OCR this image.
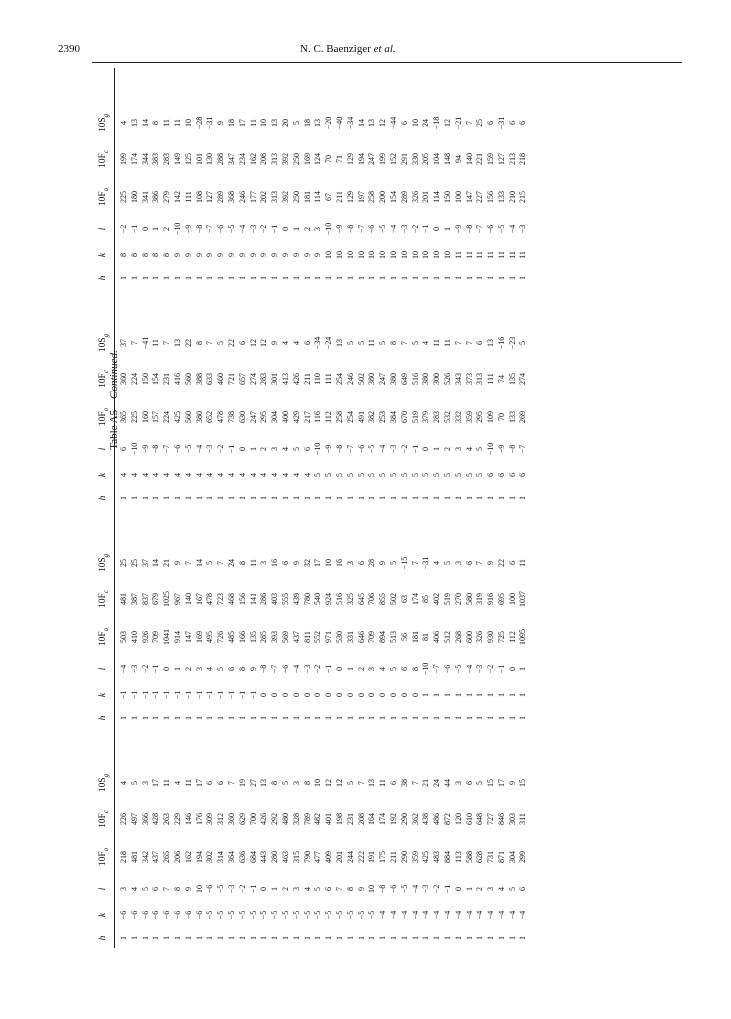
2390	N. C. Baenziger et al.
Table A5—Continued.
h
k
l
$10F_o$
$10F_c$
$10S_g$
1
−6
3
218
226
4
1
−6
4
481
497
5
1
−6
5
342
366
3
1
−6
6
437
428
17
1
−6
7
265
263
11
1
−6
8
206
229
4
1
−6
9
162
146
11
1
−6
10
194
176
17
1
−5
−6
302
309
6
1
−5
−5
314
312
6
1
−5
−3
364
360
7
1
−5
−2
636
629
19
1
−5
−1
684
700
27
1
−5
0
443
426
13
1
−5
1
280
292
8
1
−5
2
463
480
5
1
−5
3
315
328
3
1
−5
4
790
789
8
1
−5
5
477
482
10
1
−5
6
409
401
12
1
−5
7
201
198
12
1
−5
8
244
231
5
1
−5
9
222
208
7
1
−5
10
191
164
13
1
−4
−8
175
174
11
1
−4
−6
211
192
6
1
−4
−5
290
290
38
1
−4
−4
359
362
7
1
−4
−3
425
438
21
1
−4
−2
483
486
24
1
−4
−1
884
872
44
1
−4
0
113
120
3
1
−4
1
588
610
6
1
−4
2
628
648
5
1
−4
3
731
727
15
1
−4
4
871
846
17
1
−4
5
304
303
9
1
−4
6
299
311
15
h
k
l
$10F_o$
$10F_c$
$10S_g$
1
−1
−4
503
481
25
1
−1
−3
410
387
25
1
−1
−2
926
837
37
1
−1
−1
709
679
14
1
−1
0
1041
1025
21
1
−1
1
914
967
9
1
−1
2
147
140
7
1
−1
3
169
167
14
1
−1
4
495
478
5
1
−1
5
726
723
7
1
−1
6
485
468
24
1
−1
8
166
156
8
1
−1
9
135
141
11
1
0
−8
285
286
3
1
0
−7
393
403
16
1
0
−6
569
555
6
1
0
−4
437
439
9
1
0
−3
811
780
32
1
0
−2
552
540
17
1
0
−1
971
924
10
1
0
0
530
516
16
1
0
1
331
325
3
1
0
2
646
645
6
1
0
3
709
706
28
1
0
4
894
855
9
1
0
5
513
502
5
1
0
6
56
63
−15
1
0
8
181
174
7
1
1
−10
81
85
−31
1
1
−7
406
402
4
1
1
−6
512
519
5
1
1
−5
268
270
3
1
1
−4
600
580
6
1
1
−3
326
319
7
1
1
−2
930
916
9
1
1
−1
725
695
22
1
1
0
112
100
6
1
1
1
1095
1037
11
h
k
l
$10F_o$
$10F_c$
$10S_g$
1
4
6
365
360
37
1
4
−10
225
224
7
1
4
−9
160
150
−41
1
4
−8
157
154
11
1
4
−7
224
231
7
1
4
−6
425
416
13
1
4
−5
560
560
22
1
4
−4
380
388
8
1
4
−3
652
633
7
1
4
−2
478
460
5
1
4
−1
738
721
22
1
4
0
630
657
6
1
4
1
247
274
12
1
4
2
295
283
12
1
4
3
304
301
9
1
4
4
400
413
4
1
4
5
429
426
4
1
4
6
217
211
6
1
5
−10
116
110
−34
1
5
−9
112
111
−24
1
5
−8
258
254
13
1
5
−7
254
246
5
1
5
−6
491
502
5
1
5
−5
382
380
11
1
5
−4
253
247
5
1
5
−3
384
380
8
1
5
−2
670
649
7
1
5
−1
519
516
5
1
5
0
379
380
4
1
5
1
283
300
11
1
5
2
532
526
11
1
5
3
332
343
7
1
5
4
359
373
7
1
5
5
295
313
6
1
6
−10
109
111
13
1
6
−9
70
74
−16
1
6
−8
133
135
−23
1
6
−7
269
274
5
h
k
l
$10F_o$
$10F_c$
$10S_g$
1
8
−2
225
199
4
1
8
−1
180
174
13
1
8
0
341
344
14
1
8
1
386
383
8
1
8
2
279
283
11
1
9
−10
142
149
11
1
9
−9
111
125
10
1
9
−8
108
101
−28
1
9
−7
127
130
−31
1
9
−6
289
288
9
1
9
−5
368
347
18
1
9
−4
246
234
17
1
9
−3
177
162
11
1
9
−2
202
208
10
1
9
−1
313
313
13
1
9
0
392
392
20
1
9
1
250
250
5
1
9
2
181
169
18
1
9
3
114
124
13
1
10
−10
67
70
−20
1
10
−9
211
71
−40
1
10
−8
129
129
−34
1
10
−7
197
194
14
1
10
−6
258
247
13
1
10
−5
200
199
12
1
10
−4
154
152
−44
1
10
−3
289
291
6
1
10
−2
326
330
10
1
10
−1
201
205
24
1
10
0
114
104
−18
1
10
1
150
148
12
1
11
−9
100
94
−21
1
11
−8
147
140
7
1
11
−7
227
221
25
1
11
−6
156
159
6
1
11
−5
133
127
−31
1
11
−4
210
213
6
1
11
−3
215
218
6
